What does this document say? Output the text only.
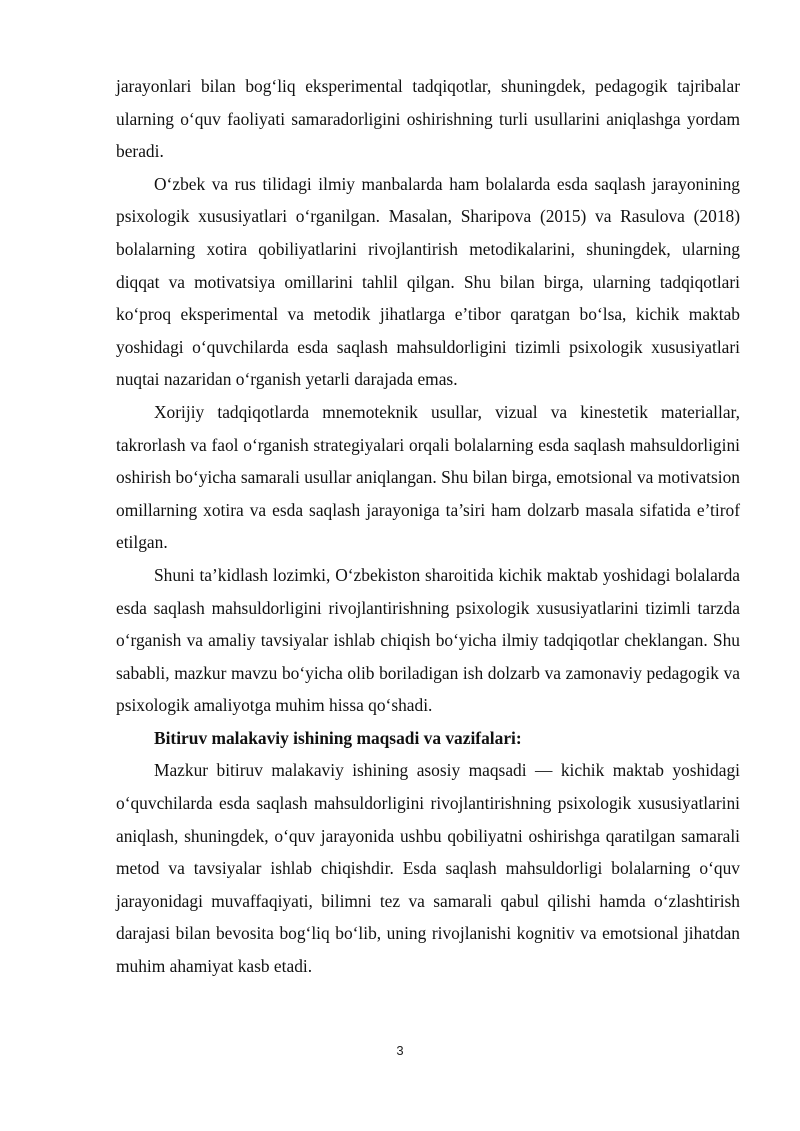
jarayonlari bilan bog‘liq eksperimental tadqiqotlar, shuningdek, pedagogik tajribalar ularning o‘quv faoliyati samaradorligini oshirishning turli usullarini aniqlashga yordam beradi.

O‘zbek va rus tilidagi ilmiy manbalarda ham bolalarda esda saqlash jarayonining psixologik xususiyatlari o‘rganilgan. Masalan, Sharipova (2015) va Rasulova (2018) bolalarning xotira qobiliyatlarini rivojlantirish metodikalarini, shuningdek, ularning diqqat va motivatsiya omillarini tahlil qilgan. Shu bilan birga, ularning tadqiqotlari ko‘proq eksperimental va metodik jihatlarga e’tibor qaratgan bo‘lsa, kichik maktab yoshidagi o‘quvchilarda esda saqlash mahsuldorligini tizimli psixologik xususiyatlari nuqtai nazaridan o‘rganish yetarli darajada emas.

Xorijiy tadqiqotlarda mnemoteknik usullar, vizual va kinestetik materiallar, takrorlash va faol o‘rganish strategiyalari orqali bolalarning esda saqlash mahsuldorligini oshirish bo‘yicha samarali usullar aniqlangan. Shu bilan birga, emotsional va motivatsion omillarning xotira va esda saqlash jarayoniga ta’siri ham dolzarb masala sifatida e’tirof etilgan.

Shuni ta’kidlash lozimki, O‘zbekiston sharoitida kichik maktab yoshidagi bolalarda esda saqlash mahsuldorligini rivojlantirishning psixologik xususiyatlarini tizimli tarzda o‘rganish va amaliy tavsiyalar ishlab chiqish bo‘yicha ilmiy tadqiqotlar cheklangan. Shu sababli, mazkur mavzu bo‘yicha olib boriladigan ish dolzarb va zamonaviy pedagogik va psixologik amaliyotga muhim hissa qo‘shadi.

Bitiruv malakaviy ishining maqsadi va vazifalari:

Mazkur bitiruv malakaviy ishining asosiy maqsadi — kichik maktab yoshidagi o‘quvchilarda esda saqlash mahsuldorligini rivojlantirishning psixologik xususiyatlarini aniqlash, shuningdek, o‘quv jarayonida ushbu qobiliyatni oshirishga qaratilgan samarali metod va tavsiyalar ishlab chiqishdir. Esda saqlash mahsuldorligi bolalarning o‘quv jarayonidagi muvaffaqiyati, bilimni tez va samarali qabul qilishi hamda o‘zlashtirish darajasi bilan bevosita bog‘liq bo‘lib, uning rivojlanishi kognitiv va emotsional jihatdan muhim ahamiyat kasb etadi.

3
